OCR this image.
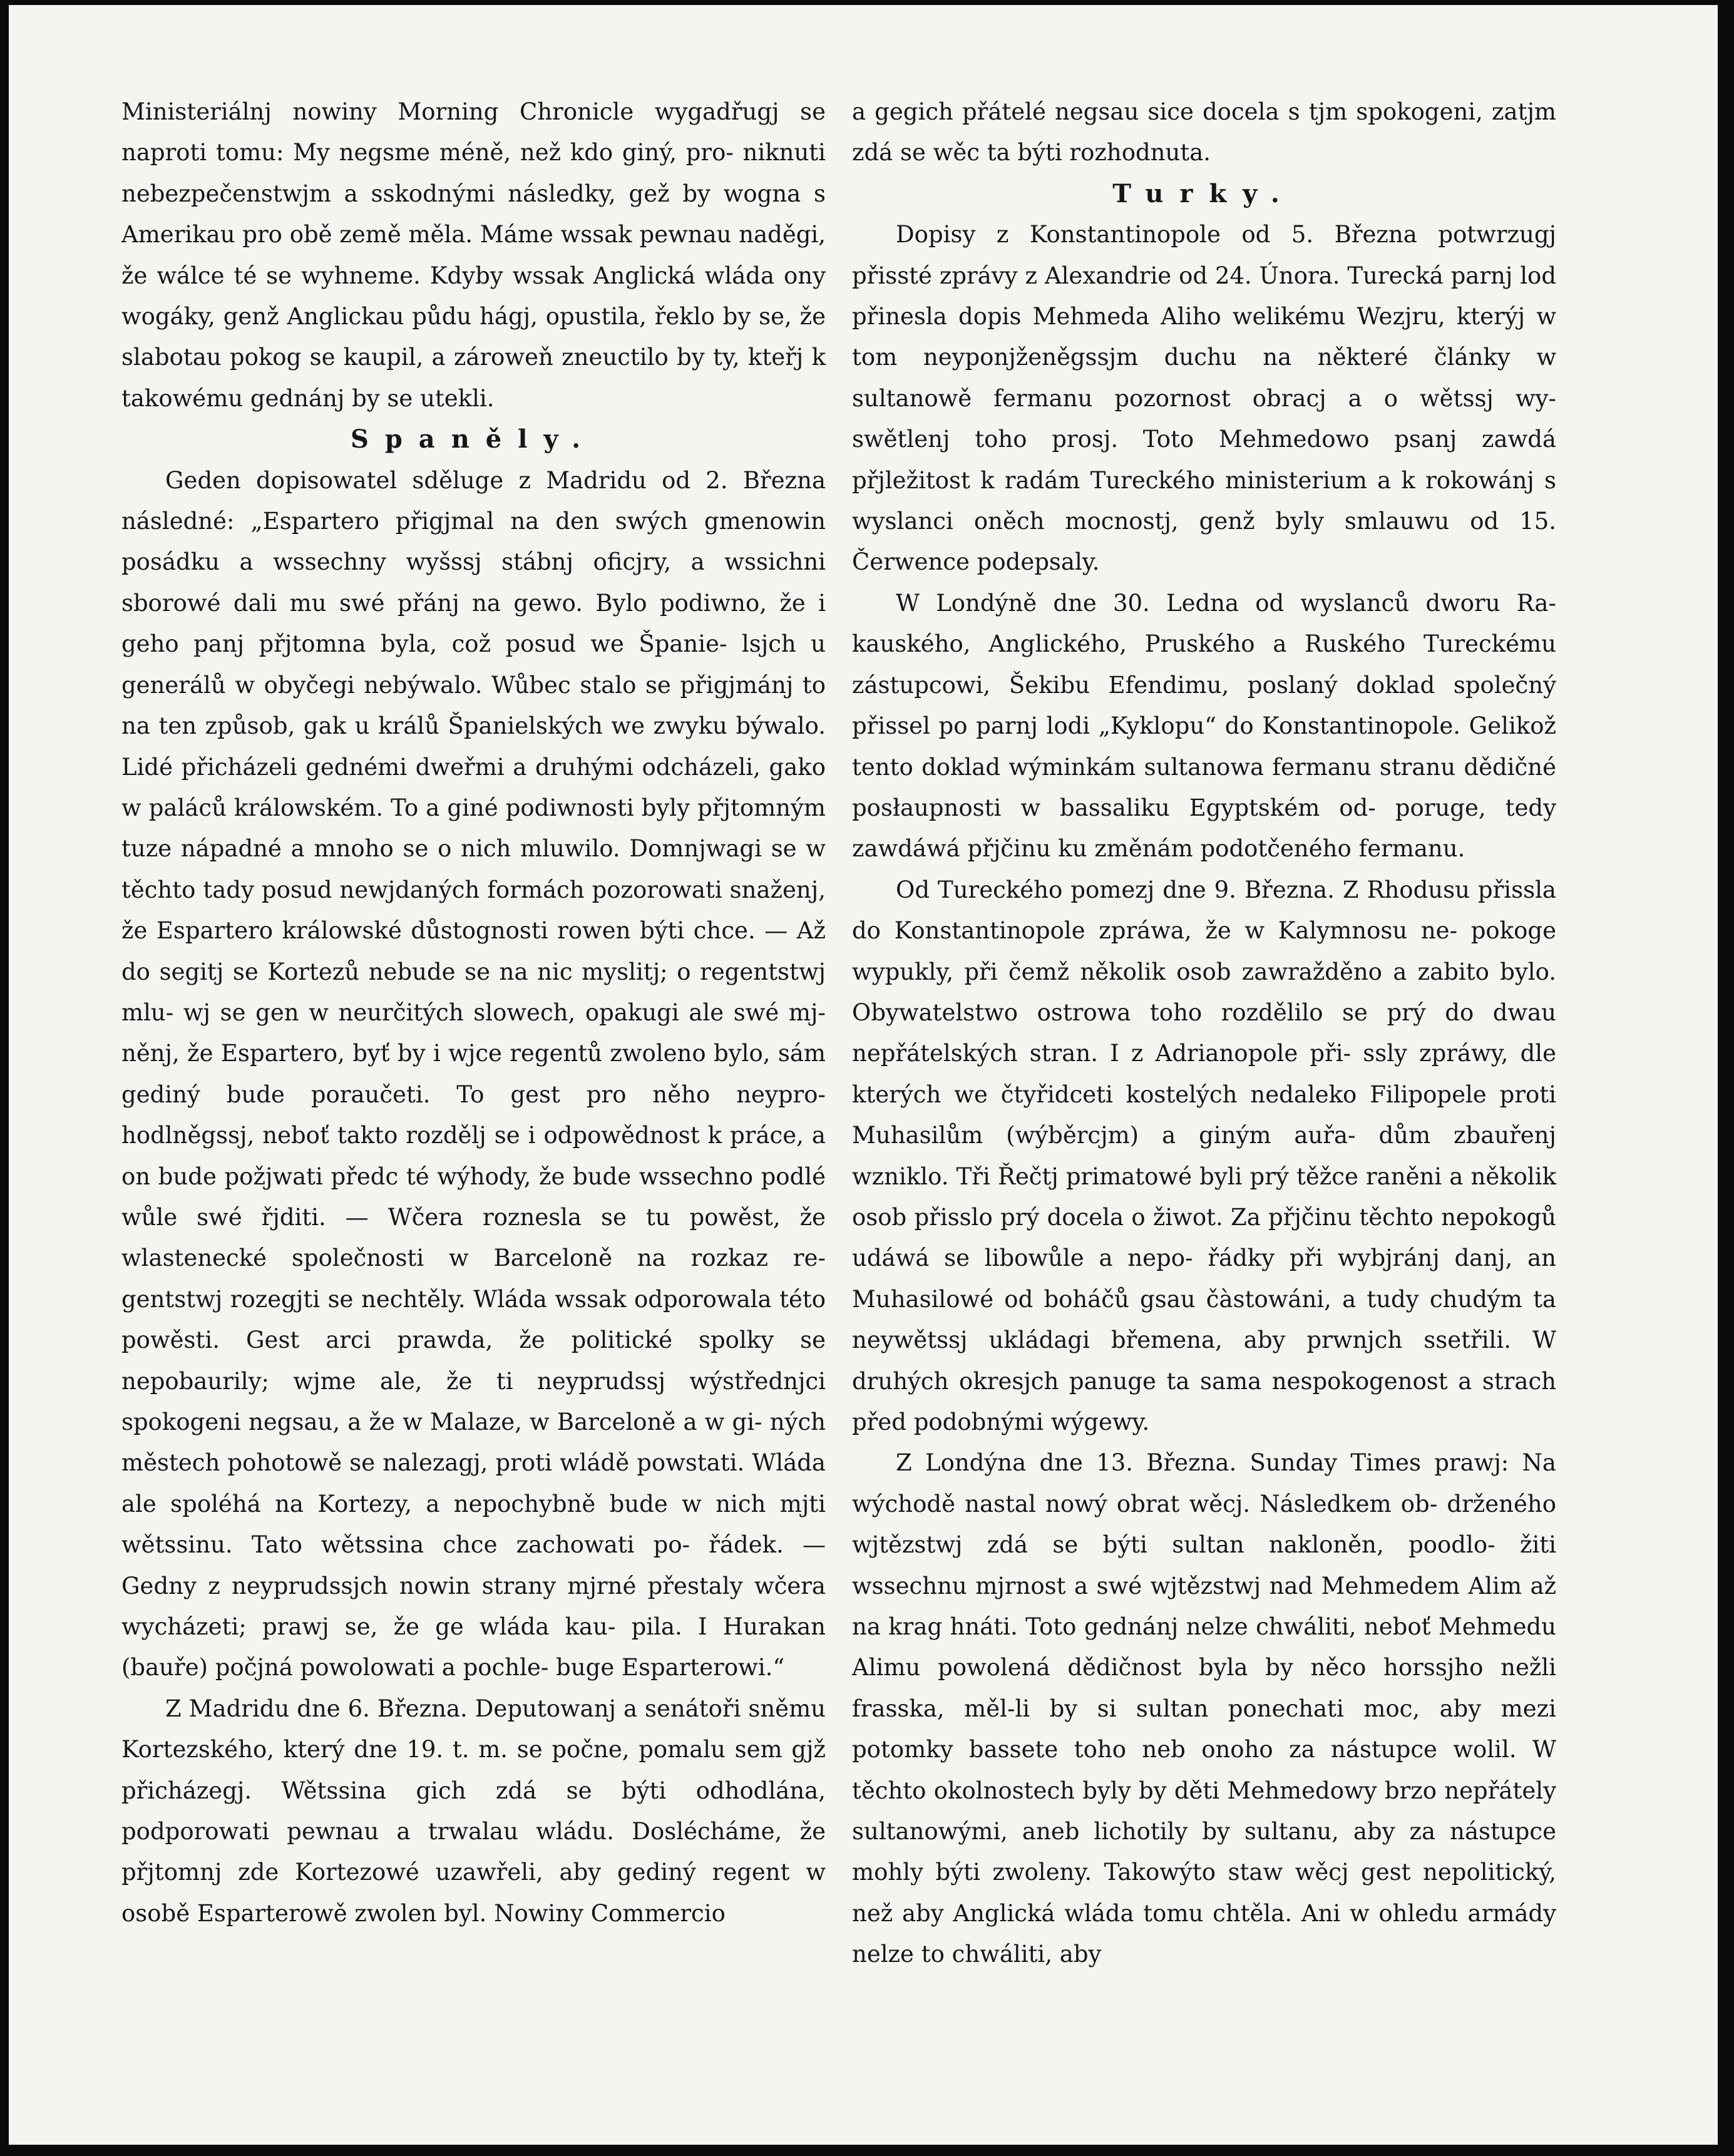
Ministeriálnj nowiny Morning Chronicle wygadřugj se naproti tomu: My negsme méně, než kdo giný, pro- niknuti nebezpečenstwjm a sskodnými následky, gež by wogna s Amerikau pro obě země měla. Máme wssak pewnau naděgi, že wálce té se wyhneme. Kdyby wssak Anglická wláda ony wogáky, genž Anglickau půdu hágj, opustila, řeklo by se, že slabotau pokog se kaupil, a zároweň zneuctilo by ty, kteřj k takowému gednánj by se utekli.

Spaněly.

Geden dopisowatel sděluge z Madridu od 2. Března následné: „Espartero přigjmal na den swých gmenowin posádku a wssechny wyšssj stábnj oficjry, a wssichni sborowé dali mu swé přánj na gewo. Bylo podiwno, že i geho panj přjtomna byla, což posud we Španie- lsjch u generálů w obyčegi nebýwalo. Wůbec stalo se přigjmánj to na ten způsob, gak u králů Španielských we zwyku býwalo. Lidé přicházeli gednémi dweřmi a druhými odcházeli, gako w paláců králowském. To a giné podiwnosti byly přjtomným tuze nápadné a mnoho se o nich mluwilo. Domnjwagi se w těchto tady posud newjdaných formách pozorowati snaženj, že Espartero králowské důstognosti rowen býti chce. — Až do segitj se Kortezů nebude se na nic myslitj; o regentstwj mlu- wj se gen w neurčitých slowech, opakugi ale swé mj- něnj, že Espartero, byť by i wjce regentů zwoleno bylo, sám gediný bude poraučeti. To gest pro něho neypro- hodlněgssj, neboť takto rozdělj se i odpowědnost k práce, a on bude požjwati předc té wýhody, že bude wssechno podlé wůle swé řjditi. — Wčera roznesla se tu powěst, že wlastenecké společnosti w Barceloně na rozkaz re- gentstwj rozegjti se nechtěly. Wláda wssak odporowala této powěsti. Gest arci prawda, že politické spolky se nepobaurily; wjme ale, že ti neyprudssj wýstřednjci spokogeni negsau, a že w Malaze, w Barceloně a w gi- ných městech pohotowě se nalezagj, proti wládě powstati. Wláda ale spoléhá na Kortezy, a nepochybně bude w nich mjti wětssinu. Tato wětssina chce zachowati po- řádek. — Gedny z neyprudssjch nowin strany mjrné přestaly wčera wycházeti; prawj se, že ge wláda kau- pila. I Hurakan (bauře) počjná powolowati a pochle- buge Esparterowi.“

Z Madridu dne 6. Března. Deputowanj a senátoři sněmu Kortezského, který dne 19. t. m. se počne, pomalu sem gjž přicházegj. Wětssina gich zdá se býti odhodlána, podporowati pewnau a trwalau wládu. Doslécháme, že přjtomnj zde Kortezowé uzawřeli, aby gediný regent w osobě Esparterowě zwolen byl. Nowiny Commercio

a gegich přátelé negsau sice docela s tjm spokogeni, zatjm zdá se wěc ta býti rozhodnuta.

Turky.

Dopisy z Konstantinopole od 5. Března potwrzugj přissté zprávy z Alexandrie od 24. Února. Turecká parnj lod přinesla dopis Mehmeda Aliho welikému Wezjru, kterýj w tom neyponjženěgssjm duchu na některé články w sultanowě fermanu pozornost obracj a o wětssj wy- swětlenj toho prosj. Toto Mehmedowo psanj zawdá přjležitost k radám Tureckého ministerium a k rokowánj s wyslanci oněch mocnostj, genž byly smlauwu od 15. Čerwence podepsaly.

W Londýně dne 30. Ledna od wyslanců dworu Ra- kauského, Anglického, Pruského a Ruského Tureckému zástupcowi, Šekibu Efendimu, poslaný doklad společný přissel po parnj lodi „Kyklopu“ do Konstantinopole. Gelikož tento doklad wýminkám sultanowa fermanu stranu dědičné posłaupnosti w bassaliku Egyptském od- poruge, tedy zawdáwá přjčinu ku změnám podotčeného fermanu.

Od Tureckého pomezj dne 9. Března. Z Rhodusu přissla do Konstantinopole zpráwa, že w Kalymnosu ne- pokoge wypukly, při čemž několik osob zawražděno a zabito bylo. Obywatelstwo ostrowa toho rozdělilo se prý do dwau nepřátelských stran. I z Adrianopole při- ssly zpráwy, dle kterých we čtyřidceti kostelých nedaleko Filipopele proti Muhasilům (wýběrcjm) a giným auřa- dům zbauřenj wzniklo. Tři Řečtj primatowé byli prý těžce raněni a několik osob přisslo prý docela o žiwot. Za přjčinu těchto nepokogů udáwá se libowůle a nepo- řádky při wybjránj danj, an Muhasilowé od boháčů gsau čàstowáni, a tudy chudým ta neywětssj ukládagi břemena, aby prwnjch ssetřili. W druhých okresjch panuge ta sama nespokogenost a strach před podobnými wýgewy.

Z Londýna dne 13. Března. Sunday Times prawj: Na wýchodě nastal nowý obrat wěcj. Následkem ob- drženého wjtězstwj zdá se býti sultan nakloněn, poodlo- žiti wssechnu mjrnost a swé wjtězstwj nad Mehmedem Alim až na krag hnáti. Toto gednánj nelze chwáliti, neboť Mehmedu Alimu powolená dědičnost byla by něco horssjho nežli frasska, měl-li by si sultan ponechati moc, aby mezi potomky bassete toho neb onoho za nástupce wolil. W těchto okolnostech byly by děti Mehmedowy brzo nepřátely sultanowými, aneb lichotily by sultanu, aby za nástupce mohly býti zwoleny. Takowýto staw wěcj gest nepolitický, než aby Anglická wláda tomu chtěla. Ani w ohledu armády nelze to chwáliti, aby
